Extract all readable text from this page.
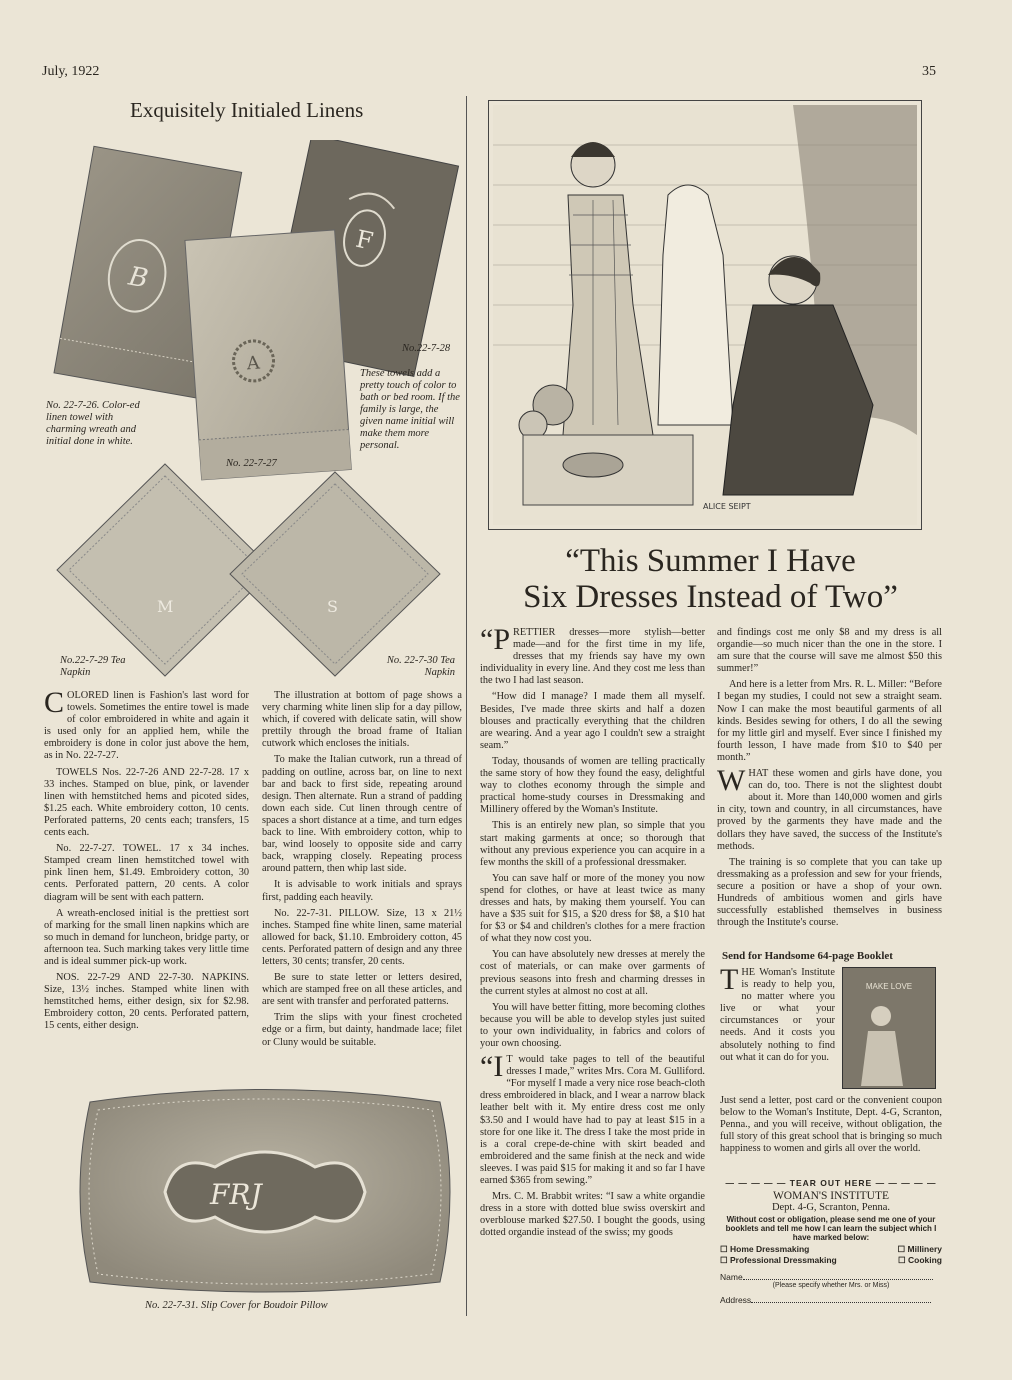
July, 1922	35
Exquisitely Initialed Linens
B
F
A
No.22-7-28
These towels add a pretty touch of color to bath or bed room. If the family is large, the given name initial will make them more personal.
No. 22-7-26. Color-ed linen towel with charming wreath and initial done in white.
No. 22-7-27
M	S
No.22-7-29 Tea Napkin
No. 22-7-30 Tea Napkin

COLORED linen is Fashion's last word for towels. Sometimes the entire towel is made of color embroidered in white and again it is used only for an applied hem, while the embroidery is done in color just above the hem, as in No. 22-7-27.

TOWELS Nos. 22-7-26 AND 22-7-28. 17 x 33 inches. Stamped on blue, pink, or lavender linen with hemstitched hems and picoted sides, $1.25 each. White embroidery cotton, 10 cents. Perforated patterns, 20 cents each; transfers, 15 cents each.

No. 22-7-27. TOWEL. 17 x 34 inches. Stamped cream linen hemstitched towel with pink linen hem, $1.49. Embroidery cotton, 30 cents. Perforated pattern, 20 cents. A color diagram will be sent with each pattern.

A wreath-enclosed initial is the prettiest sort of marking for the small linen napkins which are so much in demand for luncheon, bridge party, or afternoon tea. Such marking takes very little time and is ideal summer pick-up work.

NOS. 22-7-29 AND 22-7-30. NAPKINS. Size, 13½ inches. Stamped white linen with hemstitched hems, either design, six for $2.98. Embroidery cotton, 20 cents. Perforated pattern, 15 cents, either design.

The illustration at bottom of page shows a very charming white linen slip for a day pillow, which, if covered with delicate satin, will show prettily through the broad frame of Italian cutwork which encloses the initials.

To make the Italian cutwork, run a thread of padding on outline, across bar, on line to next bar and back to first side, repeating around design. Then alternate. Run a strand of padding down each side. Cut linen through centre of spaces a short distance at a time, and turn edges back to line. With embroidery cotton, whip to bar, wind loosely to opposite side and carry back, wrapping closely. Repeating process around pattern, then whip last side.

It is advisable to work initials and sprays first, padding each heavily.

No. 22-7-31. PILLOW. Size, 13 x 21½ inches. Stamped fine white linen, same material allowed for back, $1.10. Embroidery cotton, 45 cents. Perforated pattern of design and any three letters, 30 cents; transfer, 20 cents.

Be sure to state letter or letters desired, which are stamped free on all these articles, and are sent with transfer and perforated patterns.

Trim the slips with your finest crocheted edge or a firm, but dainty, handmade lace; filet or Cluny would be suitable.

FRJ
No. 22-7-31. Slip Cover for Boudoir Pillow
ALICE SEIPT
“This Summer I Have
Six Dresses Instead of Two”

“PRETTIER dresses—more stylish—better made—and for the first time in my life, dresses that my friends say have my own individuality in every line. And they cost me less than the two I had last season.

“How did I manage? I made them all myself. Besides, I've made three skirts and half a dozen blouses and practically everything that the children are wearing. And a year ago I couldn't sew a straight seam.”

Today, thousands of women are telling practically the same story of how they found the easy, delightful way to clothes economy through the simple and practical home-study courses in Dressmaking and Millinery offered by the Woman's Institute.

This is an entirely new plan, so simple that you start making garments at once; so thorough that without any previous experience you can acquire in a few months the skill of a professional dressmaker.

You can save half or more of the money you now spend for clothes, or have at least twice as many dresses and hats, by making them yourself. You can have a $35 suit for $15, a $20 dress for $8, a $10 hat for $3 or $4 and children's clothes for a mere fraction of what they now cost you.

You can have absolutely new dresses at merely the cost of materials, or can make over garments of previous seasons into fresh and charming dresses in the current styles at almost no cost at all.

You will have better fitting, more becoming clothes because you will be able to develop styles just suited to your own individuality, in fabrics and colors of your own choosing.

“I T would take pages to tell of the beautiful dresses I made,” writes Mrs. Cora M. Gulliford. “For myself I made a very nice rose beach-cloth dress embroidered in black, and I wear a narrow black leather belt with it. My entire dress cost me only $3.50 and I would have had to pay at least $15 in a store for one like it. The dress I take the most pride in is a coral crepe-de-chine with skirt beaded and embroidered and the same finish at the neck and wide sleeves. I was paid $15 for making it and so far I have earned $365 from sewing.”

Mrs. C. M. Brabbit writes: “I saw a white organdie dress in a store with dotted blue swiss overskirt and overblouse marked $27.50. I bought the goods, using dotted organdie instead of the swiss; my goods

and findings cost me only $8 and my dress is all organdie—so much nicer than the one in the store. I am sure that the course will save me almost $50 this summer!”

And here is a letter from Mrs. R. L. Miller: “Before I began my studies, I could not sew a straight seam. Now I can make the most beautiful garments of all kinds. Besides sewing for others, I do all the sewing for my little girl and myself. Ever since I finished my fourth lesson, I have made from $10 to $40 per month.”

WHAT these women and girls have done, you can do, too. There is not the slightest doubt about it. More than 140,000 women and girls in city, town and country, in all circumstances, have proved by the garments they have made and the dollars they have saved, the success of the Institute's methods.

The training is so complete that you can take up dressmaking as a profession and sew for your friends, secure a position or have a shop of your own. Hundreds of ambitious women and girls have successfully established themselves in business through the Institute's course.

Send for Handsome 64-page Booklet
MAKE LOVE

THE Woman's Institute is ready to help you, no matter where you live or what your circumstances or your needs. And it costs you absolutely nothing to find out what it can do for you.

Just send a letter, post card or the convenient coupon below to the Woman's Institute, Dept. 4-G, Scranton, Penna., and you will receive, without obligation, the full story of this great school that is bringing so much happiness to women and girls all over the world.

— — — — — TEAR OUT HERE — — — — —
WOMAN'S INSTITUTE
Dept. 4-G, Scranton, Penna.
Without cost or obligation, please send me one of your booklets and tell me how I can learn the subject which I have marked below:
☐ Home Dressmaking	☐ Millinery
☐ Professional Dressmaking	☐ Cooking
Name
(Please specify whether Mrs. or Miss)
Address
